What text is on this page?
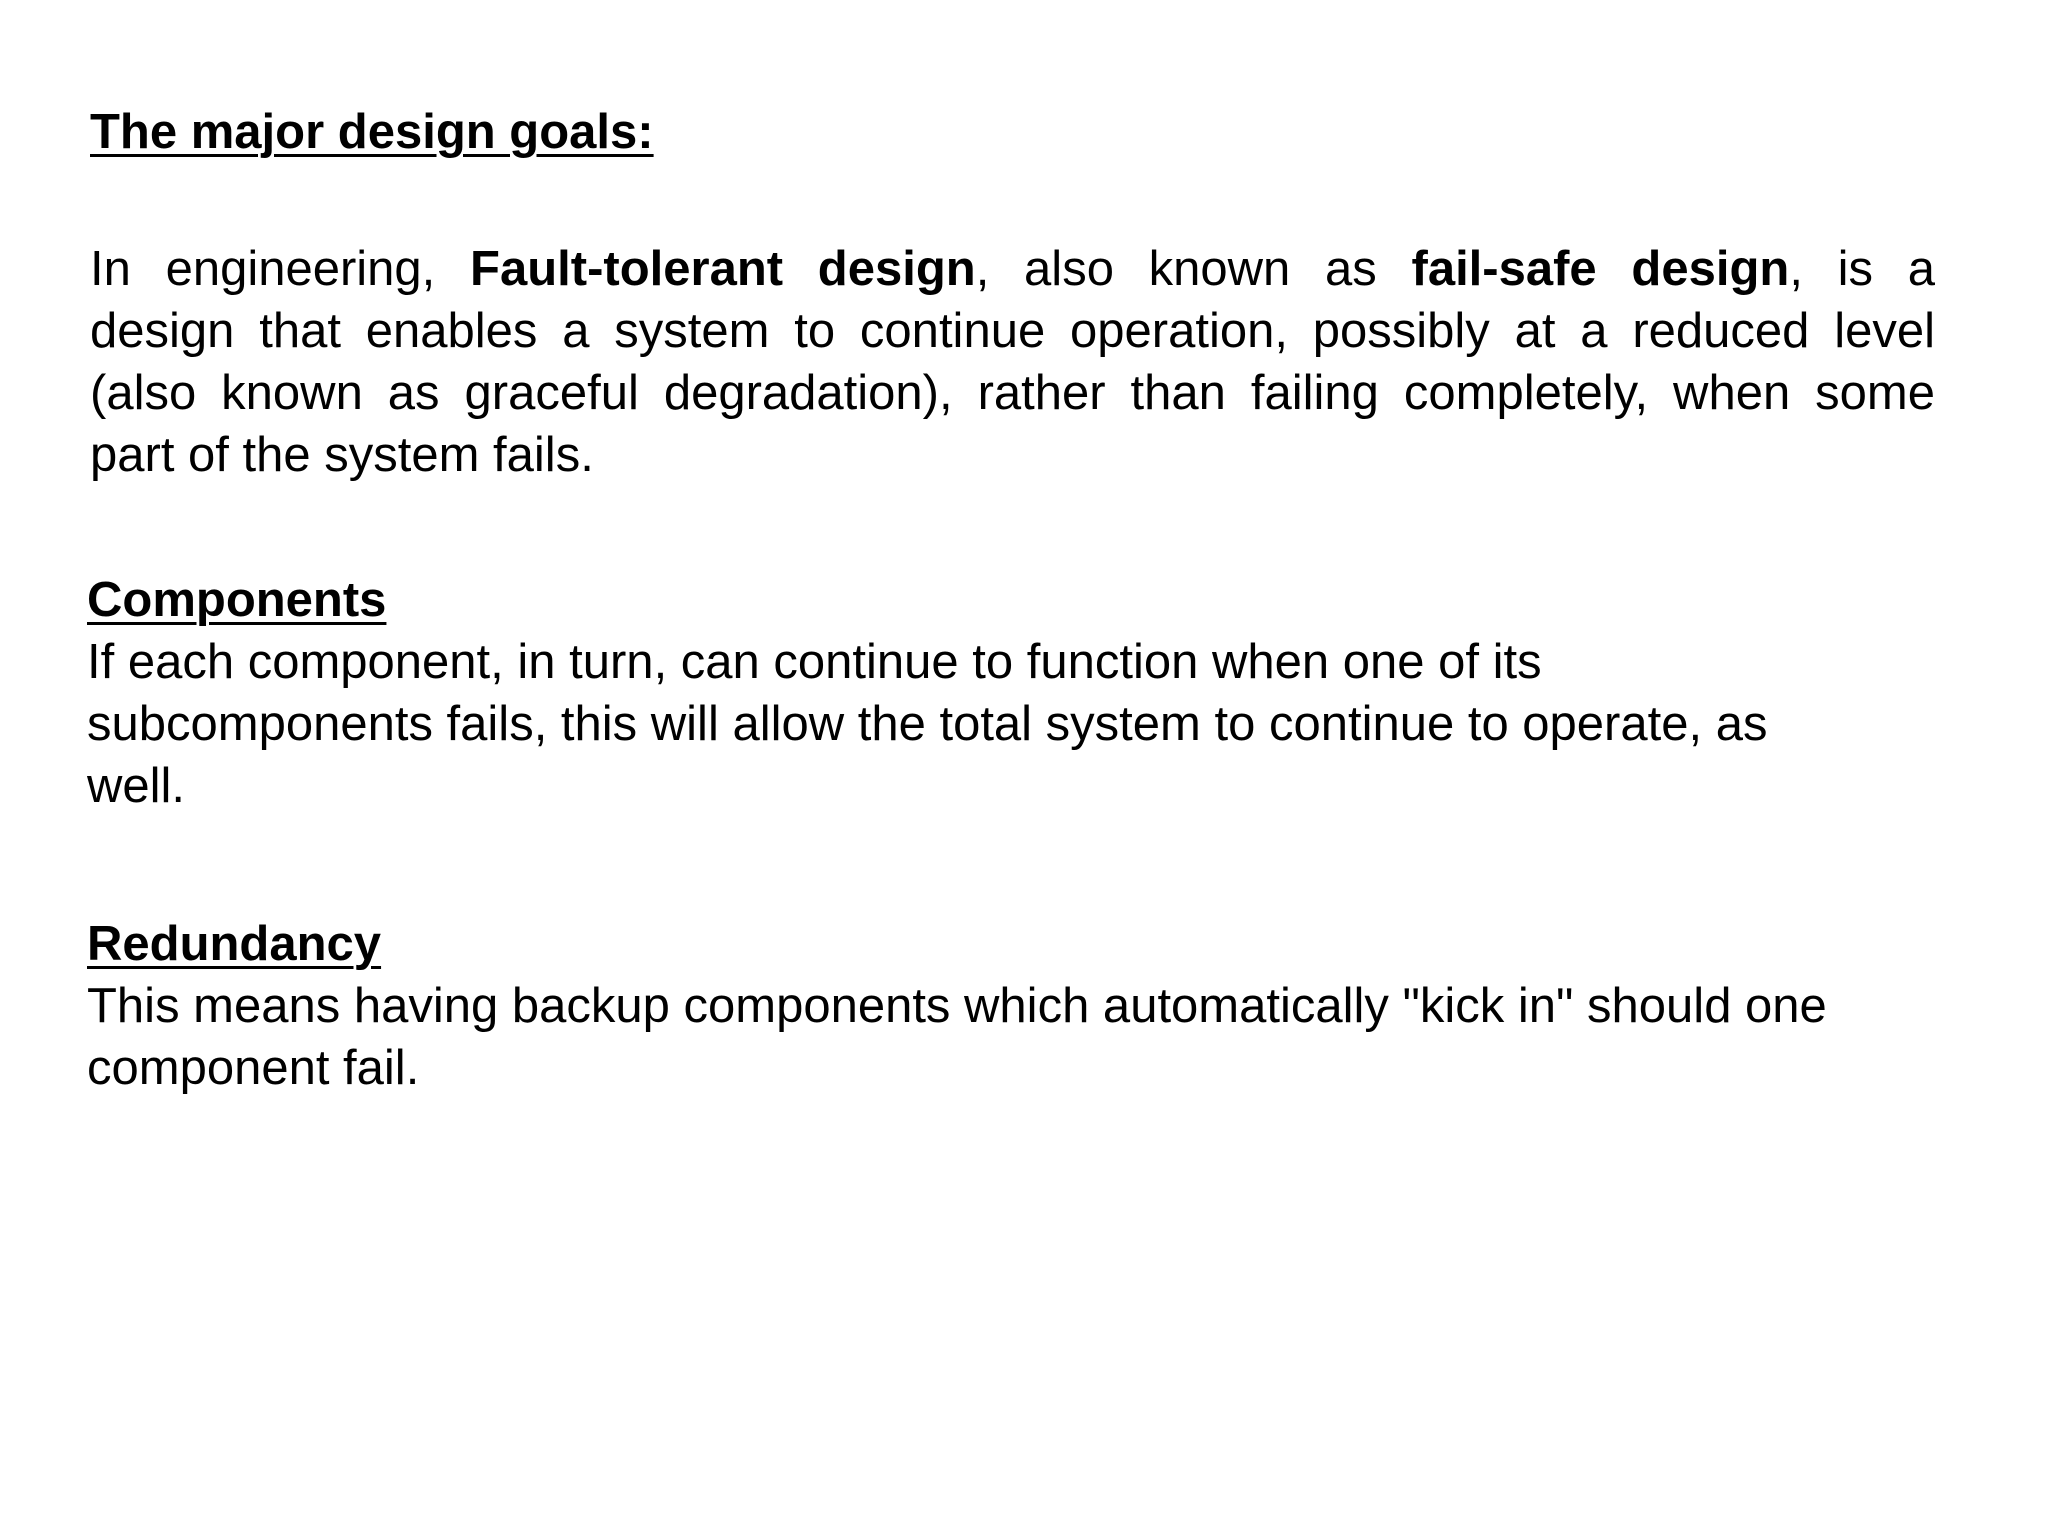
The major design goals:
In engineering, Fault-tolerant design, also known as fail-safe design, is a
design that enables a system to continue operation, possibly at a reduced level
(also known as graceful degradation), rather than failing completely, when some
part of the system fails.
Components
If each component, in turn, can continue to function when one of its
subcomponents fails, this will allow the total system to continue to operate, as
well.
Redundancy
This means having backup components which automatically "kick in" should one
component fail.
